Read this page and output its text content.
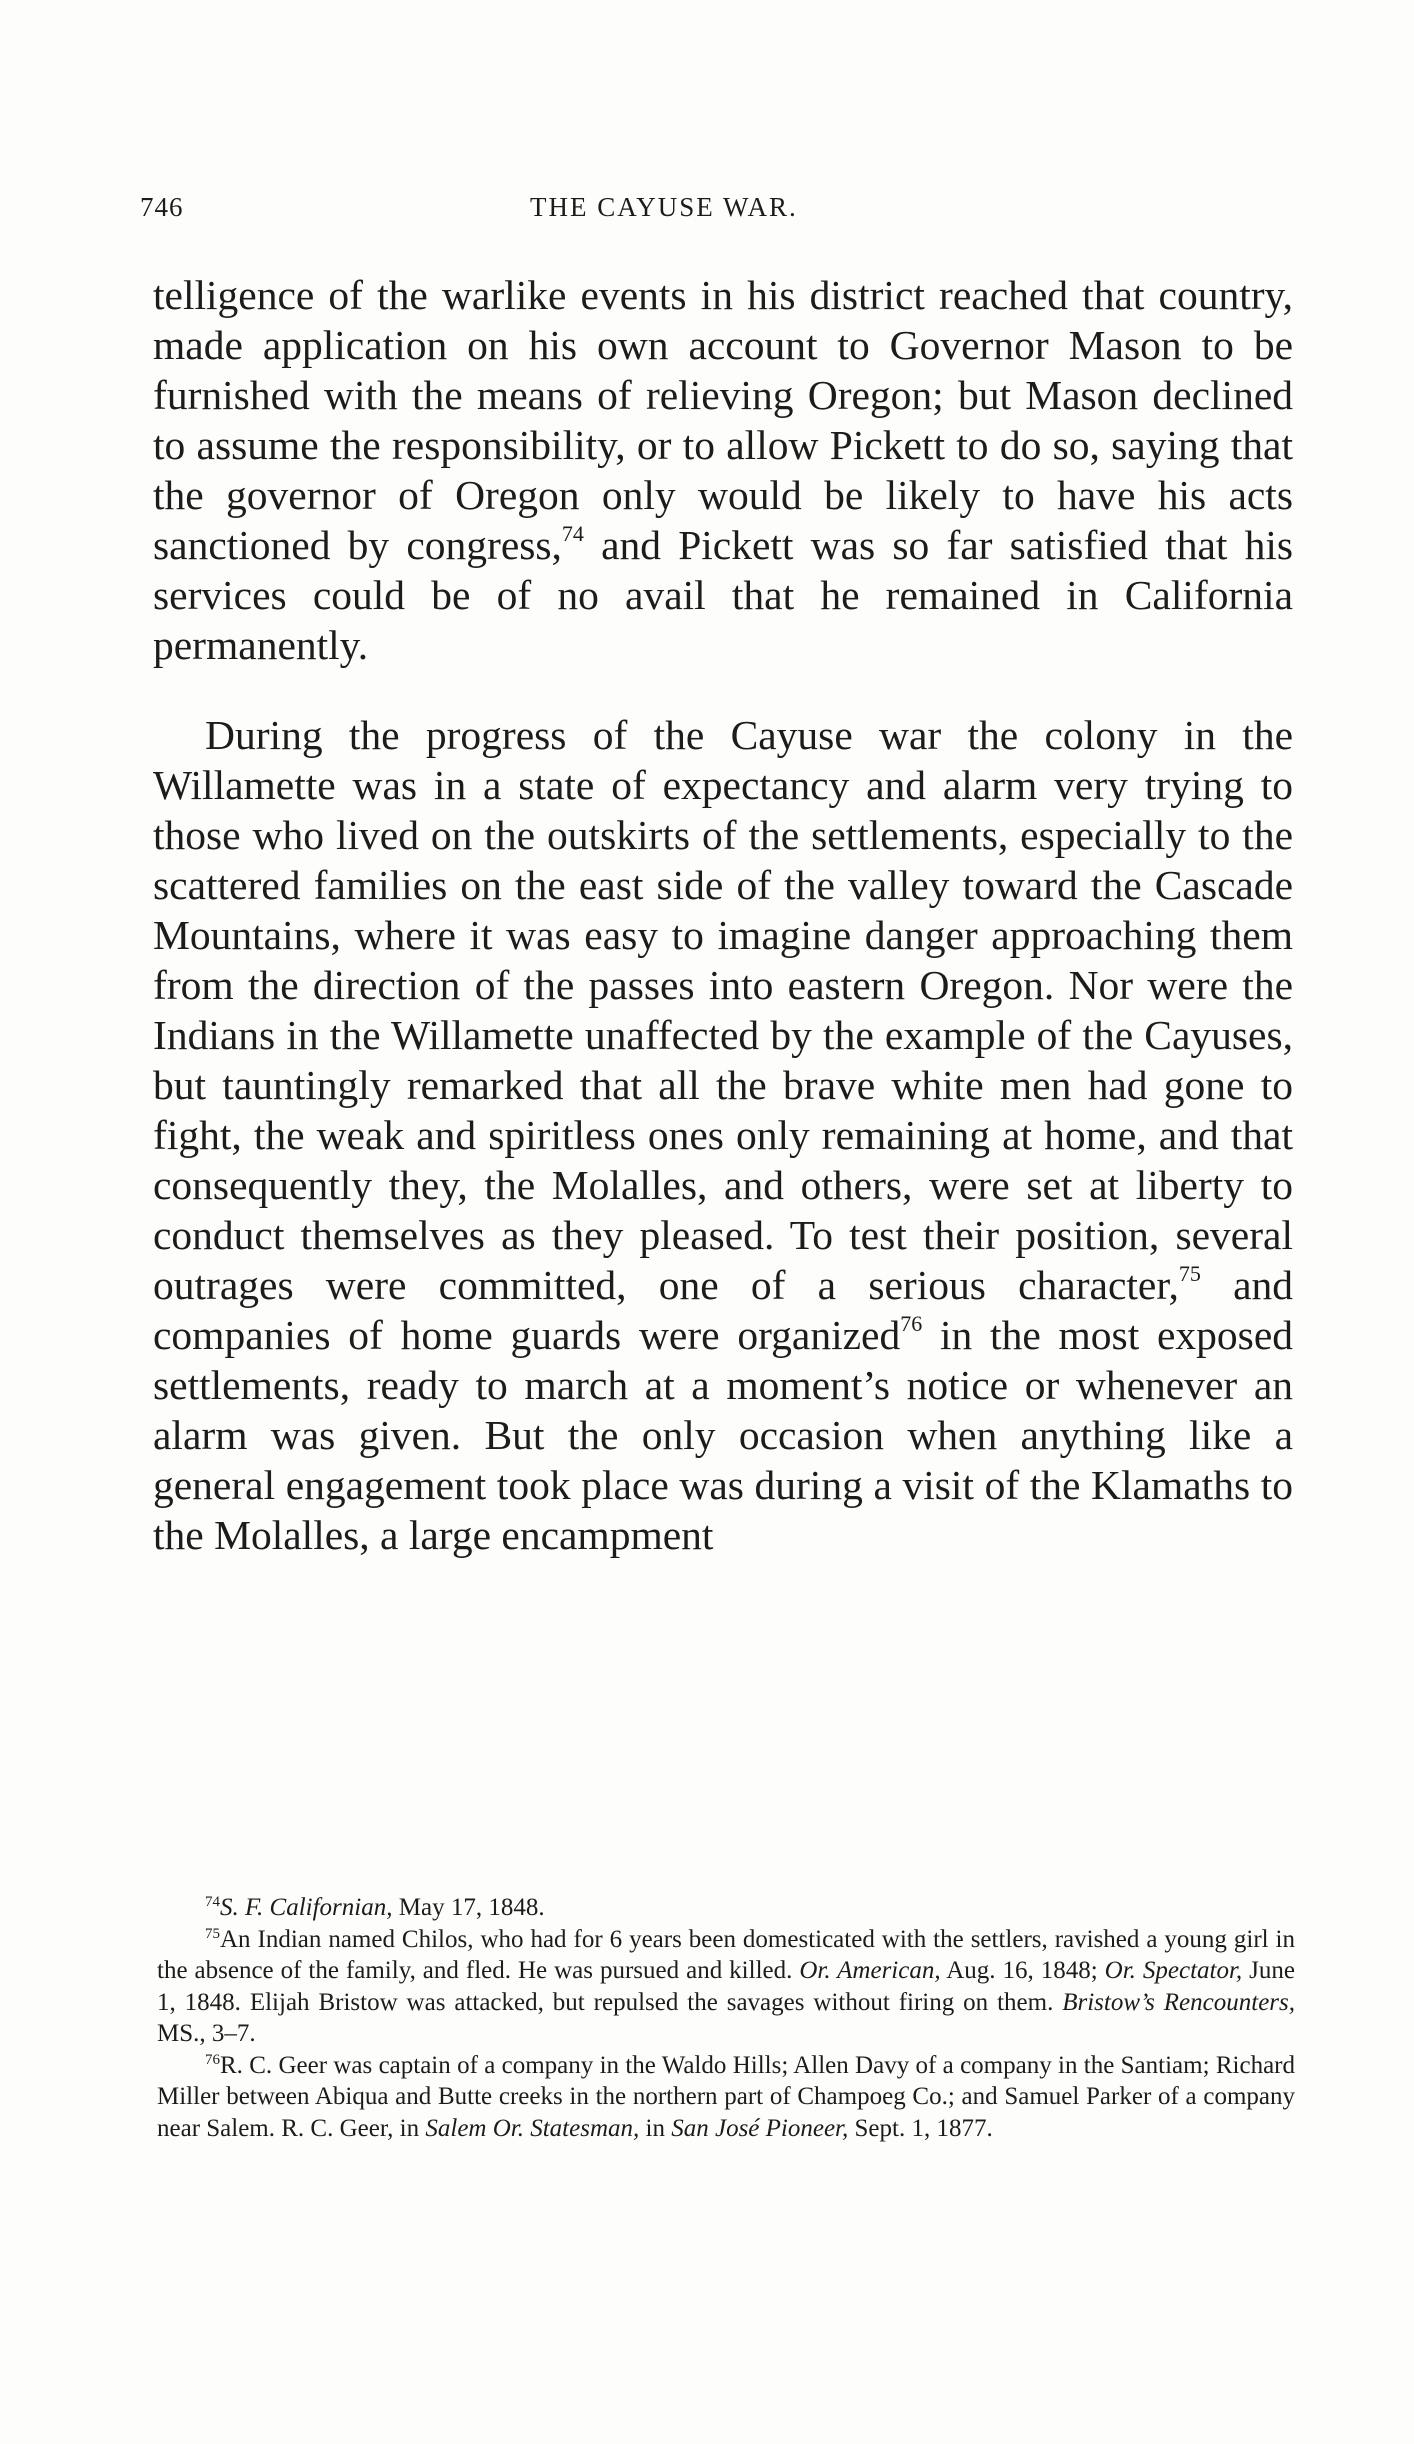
746	THE CAYUSE WAR.

telligence of the warlike events in his district reached that country, made application on his own account to Governor Mason to be furnished with the means of relieving Oregon; but Mason declined to assume the responsibility, or to allow Pickett to do so, saying that the governor of Oregon only would be likely to have his acts sanctioned by congress,$^{74}$ and Pickett was so far satisfied that his services could be of no avail that he remained in California permanently.

During the progress of the Cayuse war the colony in the Willamette was in a state of expectancy and alarm very trying to those who lived on the outskirts of the settlements, especially to the scattered families on the east side of the valley toward the Cascade Mountains, where it was easy to imagine danger approaching them from the direction of the passes into eastern Oregon. Nor were the Indians in the Willamette unaffected by the example of the Cayuses, but tauntingly remarked that all the brave white men had gone to fight, the weak and spiritless ones only remaining at home, and that consequently they, the Molalles, and others, were set at liberty to conduct themselves as they pleased. To test their position, several outrages were committed, one of a serious character,$^{75}$ and companies of home guards were organized$^{76}$ in the most exposed settlements, ready to march at a moment’s notice or whenever an alarm was given. But the only occasion when anything like a general engagement took place was during a visit of the Klamaths to the Molalles, a large encampment

$^{74}$S. F. Californian, May 17, 1848.

$^{75}$An Indian named Chilos, who had for 6 years been domesticated with the settlers, ravished a young girl in the absence of the family, and fled. He was pursued and killed. Or. American, Aug. 16, 1848; Or. Spectator, June 1, 1848. Elijah Bristow was attacked, but repulsed the savages without firing on them. Bristow’s Rencounters, MS., 3–7.

$^{76}$R. C. Geer was captain of a company in the Waldo Hills; Allen Davy of a company in the Santiam; Richard Miller between Abiqua and Butte creeks in the northern part of Champoeg Co.; and Samuel Parker of a company near Salem. R. C. Geer, in Salem Or. Statesman, in San José Pioneer, Sept. 1, 1877.
